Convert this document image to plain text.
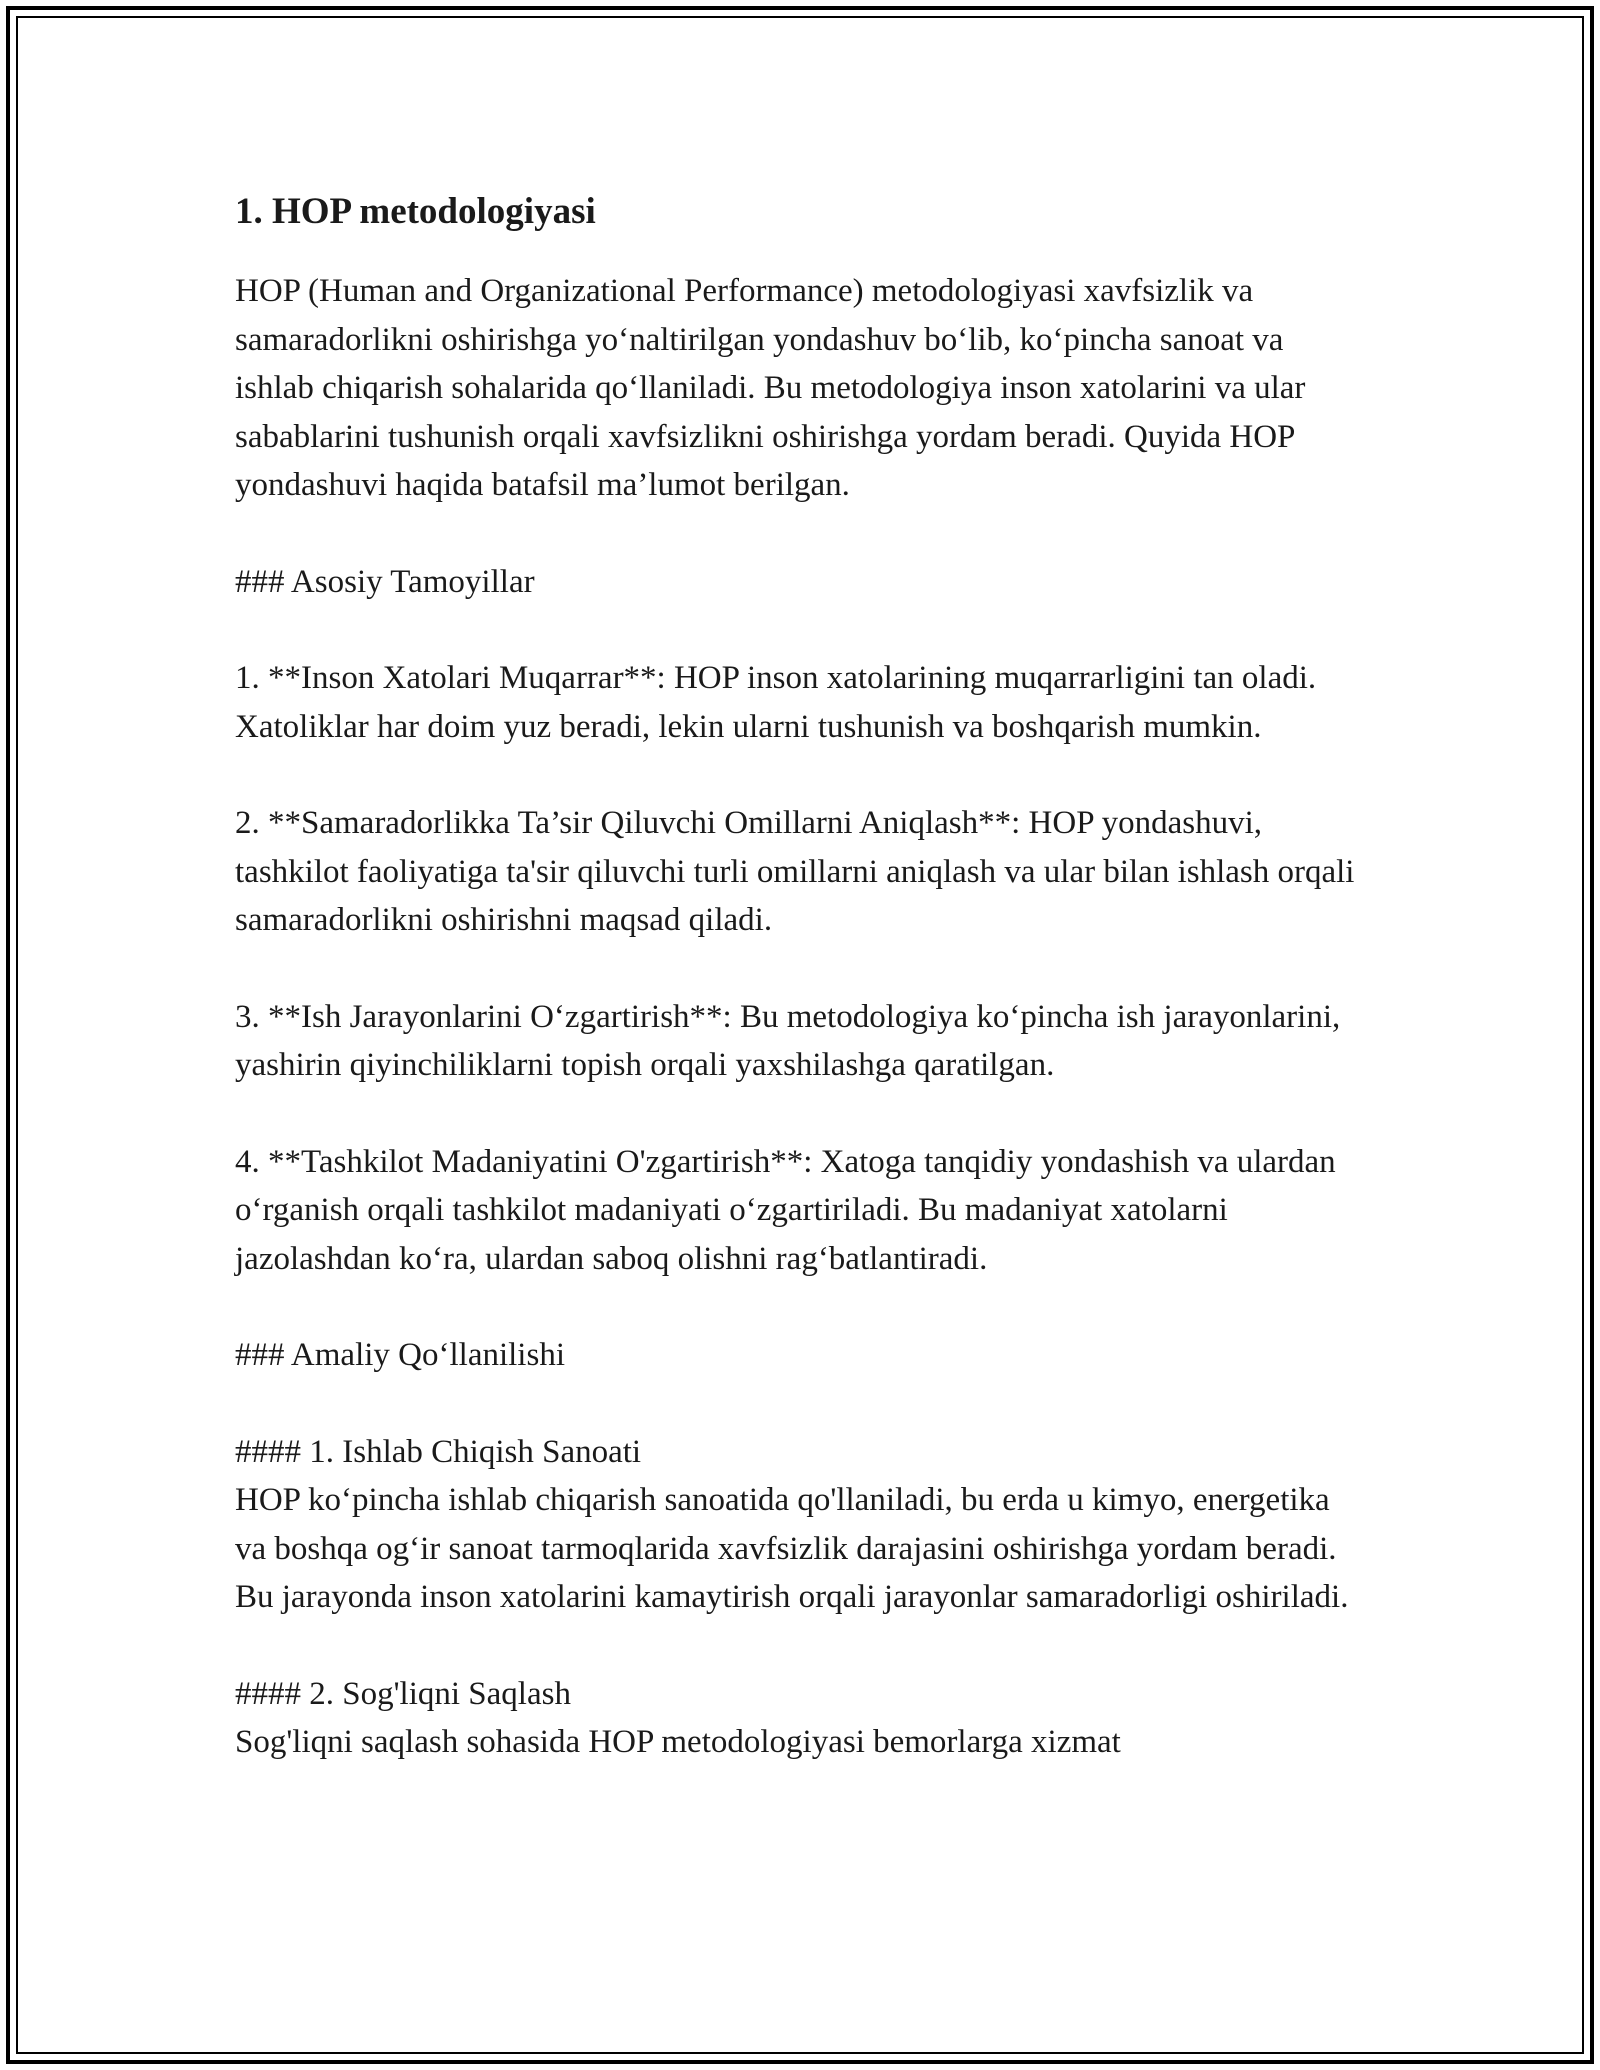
1. HOP metodologiyasi

HOP (Human and Organizational Performance) metodologiyasi xavfsizlik va samaradorlikni oshirishga yo‘naltirilgan yondashuv bo‘lib, ko‘pincha sanoat va ishlab chiqarish sohalarida qo‘llaniladi. Bu metodologiya inson xatolarini va ular sabablarini tushunish orqali xavfsizlikni oshirishga yordam beradi. Quyida HOP yondashuvi haqida batafsil ma’lumot berilgan.

### Asosiy Tamoyillar

1. **Inson Xatolari Muqarrar**: HOP inson xatolarining muqarrarligini tan oladi. Xatoliklar har doim yuz beradi, lekin ularni tushunish va boshqarish mumkin.

2. **Samaradorlikka Ta’sir Qiluvchi Omillarni Aniqlash**: HOP yondashuvi, tashkilot faoliyatiga ta'sir qiluvchi turli omillarni aniqlash va ular bilan ishlash orqali samaradorlikni oshirishni maqsad qiladi.

3. **Ish Jarayonlarini O‘zgartirish**: Bu metodologiya ko‘pincha ish jarayonlarini, yashirin qiyinchiliklarni topish orqali yaxshilashga qaratilgan.

4. **Tashkilot Madaniyatini O'zgartirish**: Xatoga tanqidiy yondashish va ulardan o‘rganish orqali tashkilot madaniyati o‘zgartiriladi. Bu madaniyat xatolarni jazolashdan ko‘ra, ulardan saboq olishni rag‘batlantiradi.

### Amaliy Qo‘llanilishi

#### 1. Ishlab Chiqish Sanoati

HOP ko‘pincha ishlab chiqarish sanoatida qo'llaniladi, bu erda u kimyo, energetika va boshqa og‘ir sanoat tarmoqlarida xavfsizlik darajasini oshirishga yordam beradi. Bu jarayonda inson xatolarini kamaytirish orqali jarayonlar samaradorligi oshiriladi.

#### 2. Sog'liqni Saqlash

Sog'liqni saqlash sohasida HOP metodologiyasi bemorlarga xizmat
